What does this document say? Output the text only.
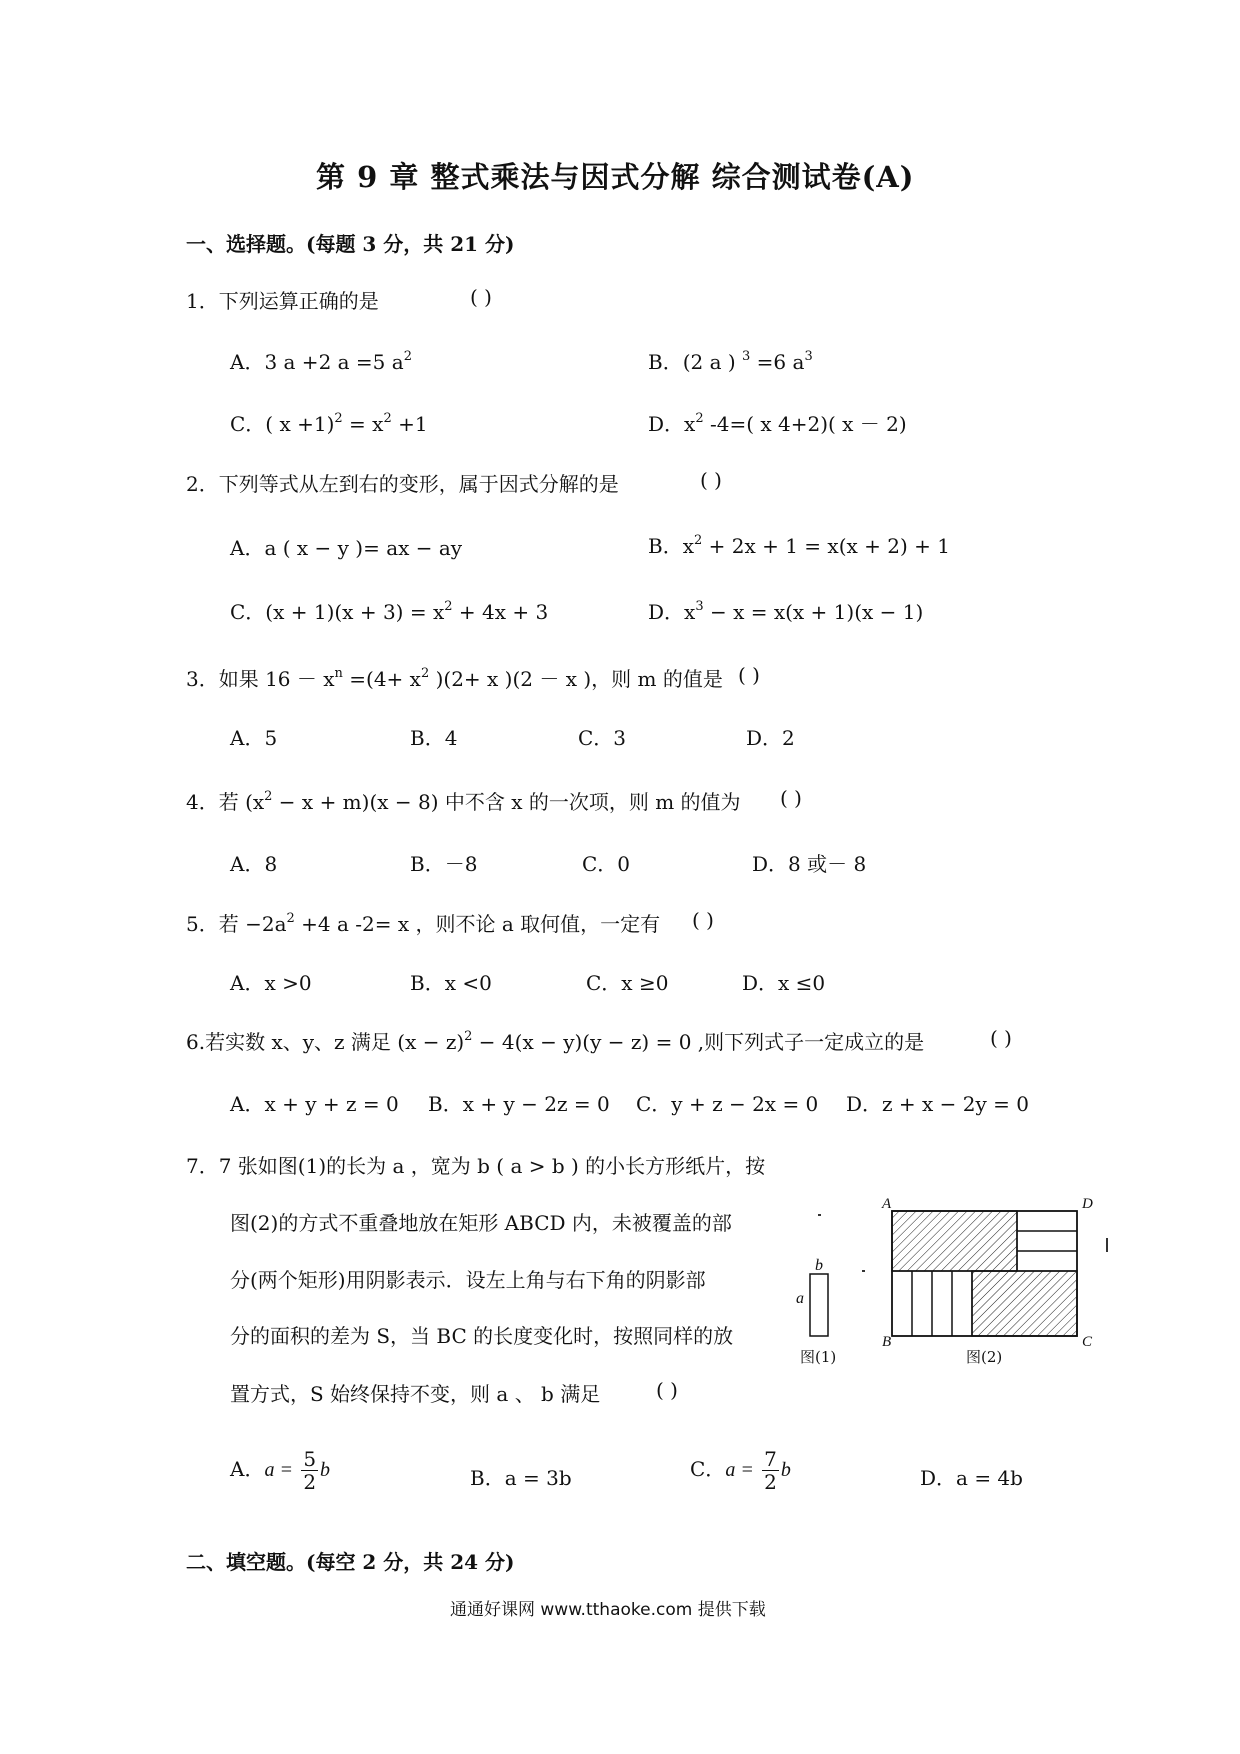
第 9 章 整式乘法与因式分解 综合测试卷(A)
一、选择题。(每题 3 分，共 21 分)
1．下列运算正确的是	( )
A．3 a +2 a =5 $a^2$	B．(2 a ) $^3$ =6 $a^3$
C．( $x +1)^2 = x^2 +1$	D．$x^2$ -4=( x 4+2)( x － 2)
2．下列等式从左到右的变形，属于因式分解的是	( )
A．a ( x − y )= ax − ay	B．$x^2 + 2x + 1 = x(x + 2) + 1$
C．$(x + 1)(x + 3) = x^2 + 4x + 3$	D．$x^3 - x = x(x + 1)(x - 1)$
3．如果 $16 - x^n =(4+ x^2$ )(2+ x )(2 － x )，则 m 的值是 ( )
A．5	B．4	C．3	D．2
4．若 $(x^2 - x + m)(x - 8)$ 中不含 x 的一次项，则 m 的值为 ( )
A．8	B．－8	C．0	D．8 或－ 8
5．若 $-2a^2 +4$ a -2= x ，则不论 a 取何值，一定有 ( )
A．x >0	B．x <0	C．x ≥0	D．x ≤0
6.若实数 x、y、z 满足 $(x - z)^2 - 4(x - y)(y - z) = 0$ ,则下列式子一定成立的是	( )
A．x + y + z = 0 B．x + y − 2z = 0 C．y + z − 2x = 0 D．z + x − 2y = 0
7．7 张如图(1)的长为 a ，宽为 b ( a > b ) 的小长方形纸片，按
图(2)的方式不重叠地放在矩形 ABCD 内，未被覆盖的部
分(两个矩形)用阴影表示．设左上角与右下角的阴影部
分的面积的差为 S，当 BC 的长度变化时，按照同样的放
置方式，S 始终保持不变，则 a 、 b 满足	( )
b
a
图(1)
A	D
B	C
图(2)
A．$a = \frac{5}{2}$ b	B．a = 3b	C．$a = \frac{7}{2}$ b	D．a = 4b
二、填空题。(每空 2 分，共 24 分)
通通好课网 www.tthaoke.com 提供下载
